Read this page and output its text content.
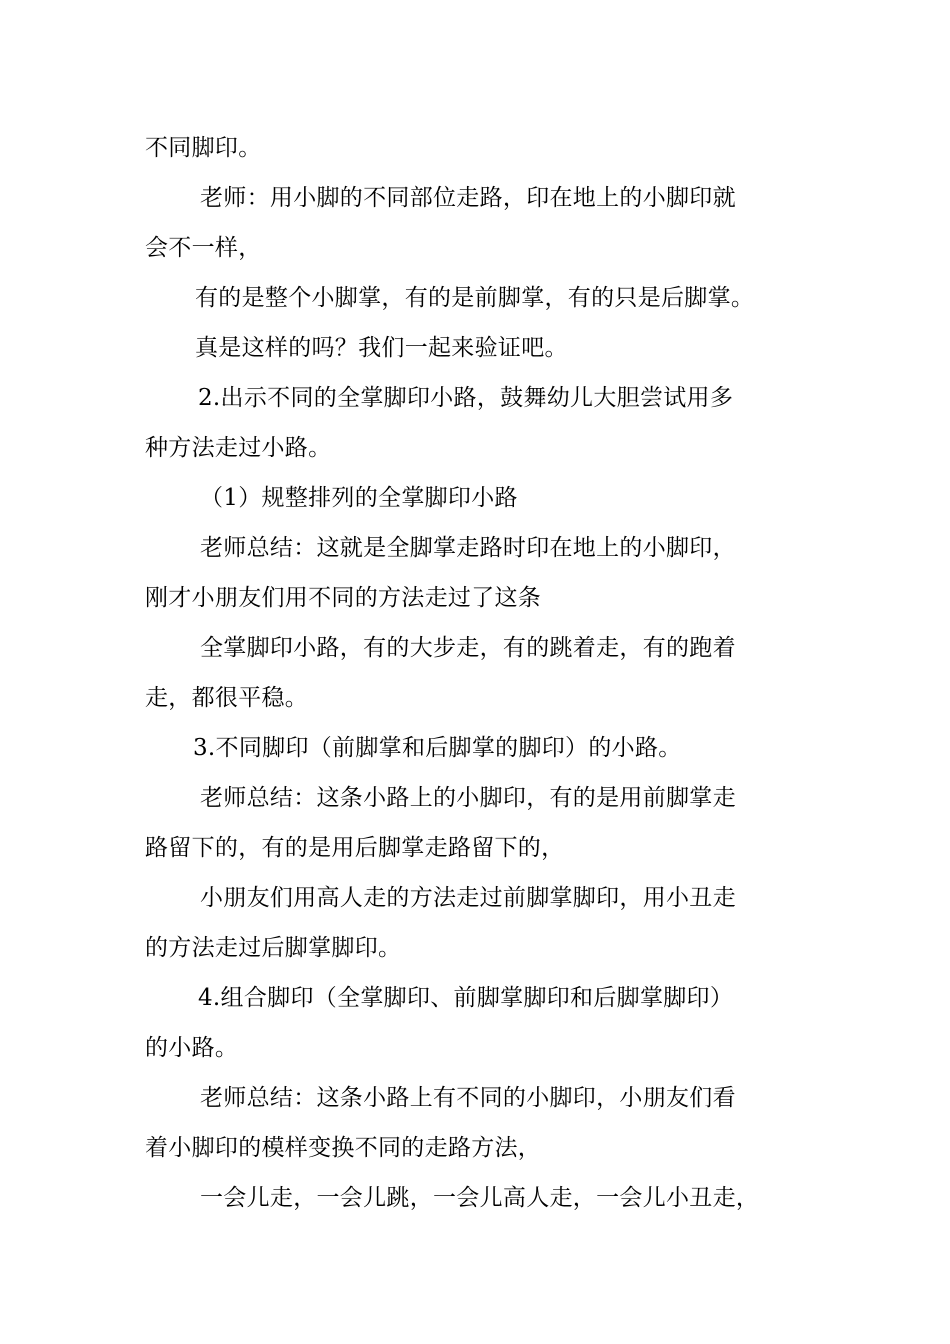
不同脚印。
老师：用小脚的不同部位走路，印在地上的小脚印就
会不一样，
有的是整个小脚掌，有的是前脚掌，有的只是后脚掌。
真是这样的吗？我们一起来验证吧。
2.出示不同的全掌脚印小路，鼓舞幼儿大胆尝试用多
种方法走过小路。
（1）规整排列的全掌脚印小路
老师总结：这就是全脚掌走路时印在地上的小脚印，
刚才小朋友们用不同的方法走过了这条
全掌脚印小路，有的大步走，有的跳着走，有的跑着
走，都很平稳。
3.不同脚印（前脚掌和后脚掌的脚印）的小路。
老师总结：这条小路上的小脚印，有的是用前脚掌走
路留下的，有的是用后脚掌走路留下的，
小朋友们用高人走的方法走过前脚掌脚印，用小丑走
的方法走过后脚掌脚印。
4.组合脚印（全掌脚印、前脚掌脚印和后脚掌脚印）
的小路。
老师总结：这条小路上有不同的小脚印，小朋友们看
着小脚印的模样变换不同的走路方法，
一会儿走，一会儿跳，一会儿高人走，一会儿小丑走，
